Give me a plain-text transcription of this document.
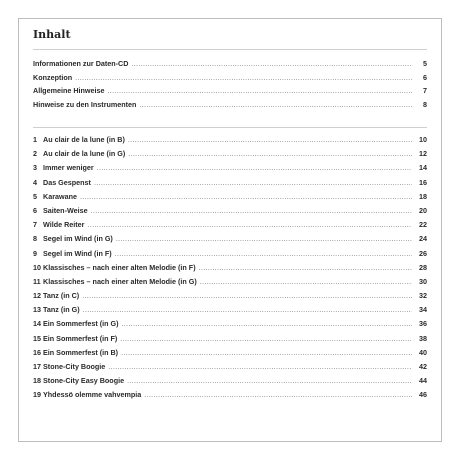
Inhalt
Informationen zur Daten-CD .....	5
Konzeption .....	6
Allgemeine Hinweise .....	7
Hinweise zu den Instrumenten .....	8
1 Au clair de la lune (in B) .....	10
2 Au clair de la lune (in G) .....	12
3 Immer weniger .....	14
4 Das Gespenst .....	16
5 Karawane .....	18
6 Saiten-Weise .....	20
7 Wilde Reiter .....	22
8 Segel im Wind (in G) .....	24
9 Segel im Wind (in F) .....	26
10 Klassisches – nach einer alten Melodie (in F) .....	28
11 Klassisches – nach einer alten Melodie (in G) .....	30
12 Tanz (in C) .....	32
13 Tanz (in G) .....	34
14 Ein Sommerfest (in G) .....	36
15 Ein Sommerfest (in F) .....	38
16 Ein Sommerfest (in B) .....	40
17 Stone-City Boogie .....	42
18 Stone-City Easy Boogie .....	44
19 Yhdessö olemme vahvempia .....	46
